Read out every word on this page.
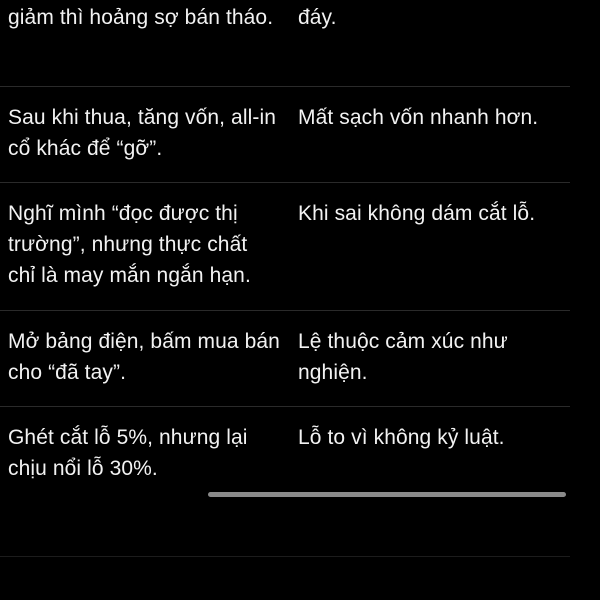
giảm thì hoảng sợ bán tháo.	đáy.
Sau khi thua, tăng vốn, all-in cổ khác để “gỡ”.
Mất sạch vốn nhanh hơn.
Nghĩ mình “đọc được thị trường”, nhưng thực chất chỉ là may mắn ngắn hạn.
Khi sai không dám cắt lỗ.
Mở bảng điện, bấm mua bán cho “đã tay”.
Lệ thuộc cảm xúc như nghiện.
Ghét cắt lỗ 5%, nhưng lại chịu nổi lỗ 30%.
Lỗ to vì không kỷ luật.
